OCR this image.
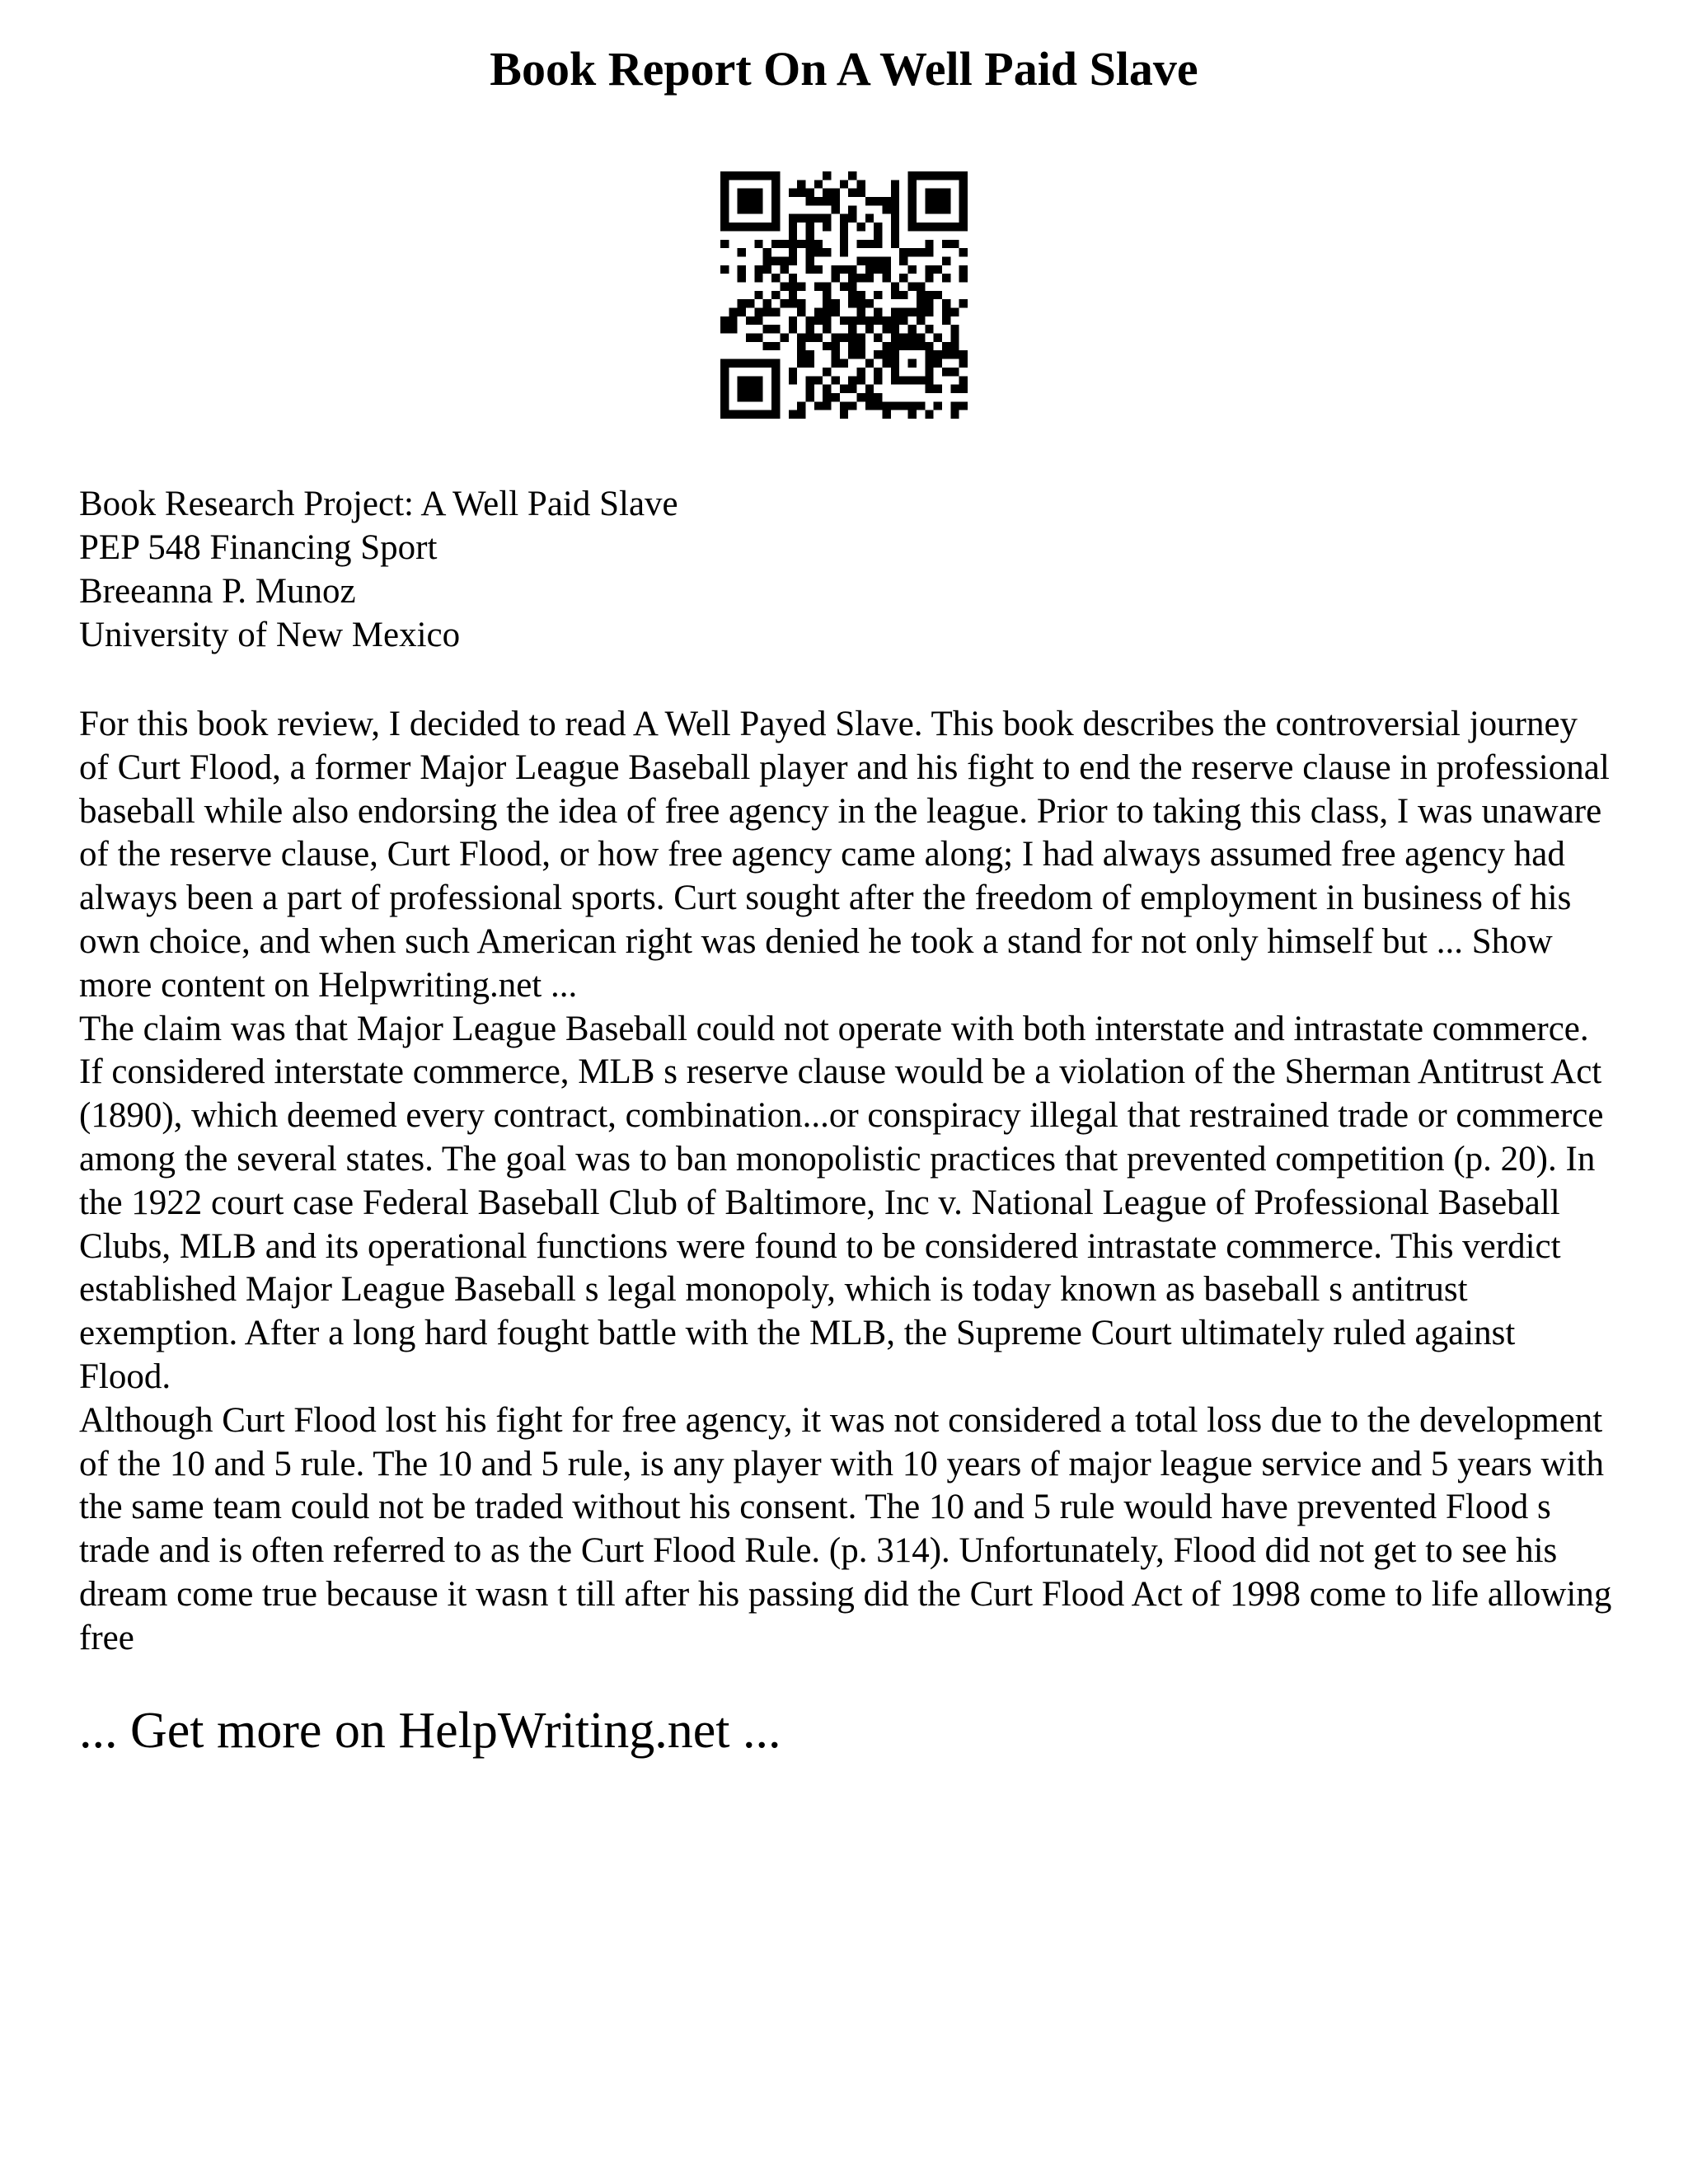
Book Report On A Well Paid Slave
Book Research Project: A Well Paid Slave
PEP 548 Financing Sport
Breeanna P. Munoz
University of New Mexico

For this book review, I decided to read A Well Payed Slave. This book describes the controversial journey of Curt Flood, a former Major League Baseball player and his fight to end the reserve clause in professional baseball while also endorsing the idea of free agency in the league. Prior to taking this class, I was unaware of the reserve clause, Curt Flood, or how free agency came along; I had always assumed free agency had always been a part of professional sports. Curt sought after the freedom of employment in business of his own choice, and when such American right was denied he took a stand for not only himself but ... Show more content on Helpwriting.net ...

The claim was that Major League Baseball could not operate with both interstate and intrastate commerce. If considered interstate commerce, MLB s reserve clause would be a violation of the Sherman Antitrust Act (1890), which deemed every contract, combination...or conspiracy illegal that restrained trade or commerce among the several states. The goal was to ban monopolistic practices that prevented competition (p. 20). In the 1922 court case Federal Baseball Club of Baltimore, Inc v. National League of Professional Baseball Clubs, MLB and its operational functions were found to be considered intrastate commerce. This verdict established Major League Baseball s legal monopoly, which is today known as baseball s antitrust exemption. After a long hard fought battle with the MLB, the Supreme Court ultimately ruled against Flood.

Although Curt Flood lost his fight for free agency, it was not considered a total loss due to the development of the 10 and 5 rule. The 10 and 5 rule, is any player with 10 years of major league service and 5 years with the same team could not be traded without his consent. The 10 and 5 rule would have prevented Flood s trade and is often referred to as the Curt Flood Rule. (p. 314). Unfortunately, Flood did not get to see his dream come true because it wasn t till after his passing did the Curt Flood Act of 1998 come to life allowing free

... Get more on HelpWriting.net ...
